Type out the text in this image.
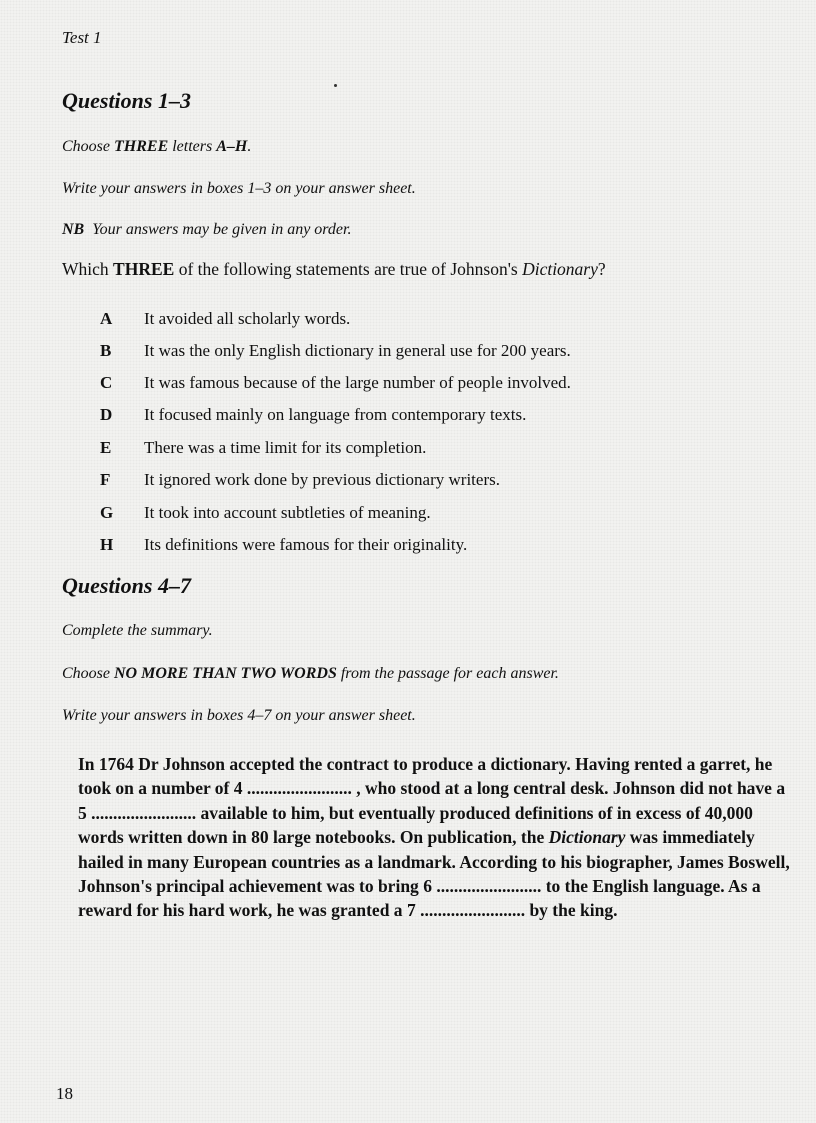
Test 1
Questions 1–3
Choose THREE letters A–H.
Write your answers in boxes 1–3 on your answer sheet.
NB  Your answers may be given in any order.
Which THREE of the following statements are true of Johnson's Dictionary?
A It avoided all scholarly words.
B It was the only English dictionary in general use for 200 years.
C It was famous because of the large number of people involved.
D It focused mainly on language from contemporary texts.
E There was a time limit for its completion.
F It ignored work done by previous dictionary writers.
G It took into account subtleties of meaning.
H Its definitions were famous for their originality.
Questions 4–7
Complete the summary.
Choose NO MORE THAN TWO WORDS from the passage for each answer.
Write your answers in boxes 4–7 on your answer sheet.
In 1764 Dr Johnson accepted the contract to produce a dictionary. Having rented a garret, he took on a number of 4 ........................ , who stood at a long central desk. Johnson did not have a 5 ........................ available to him, but eventually produced definitions of in excess of 40,000 words written down in 80 large notebooks. On publication, the Dictionary was immediately hailed in many European countries as a landmark. According to his biographer, James Boswell, Johnson's principal achievement was to bring 6 ........................ to the English language. As a reward for his hard work, he was granted a 7 ........................ by the king.
18
